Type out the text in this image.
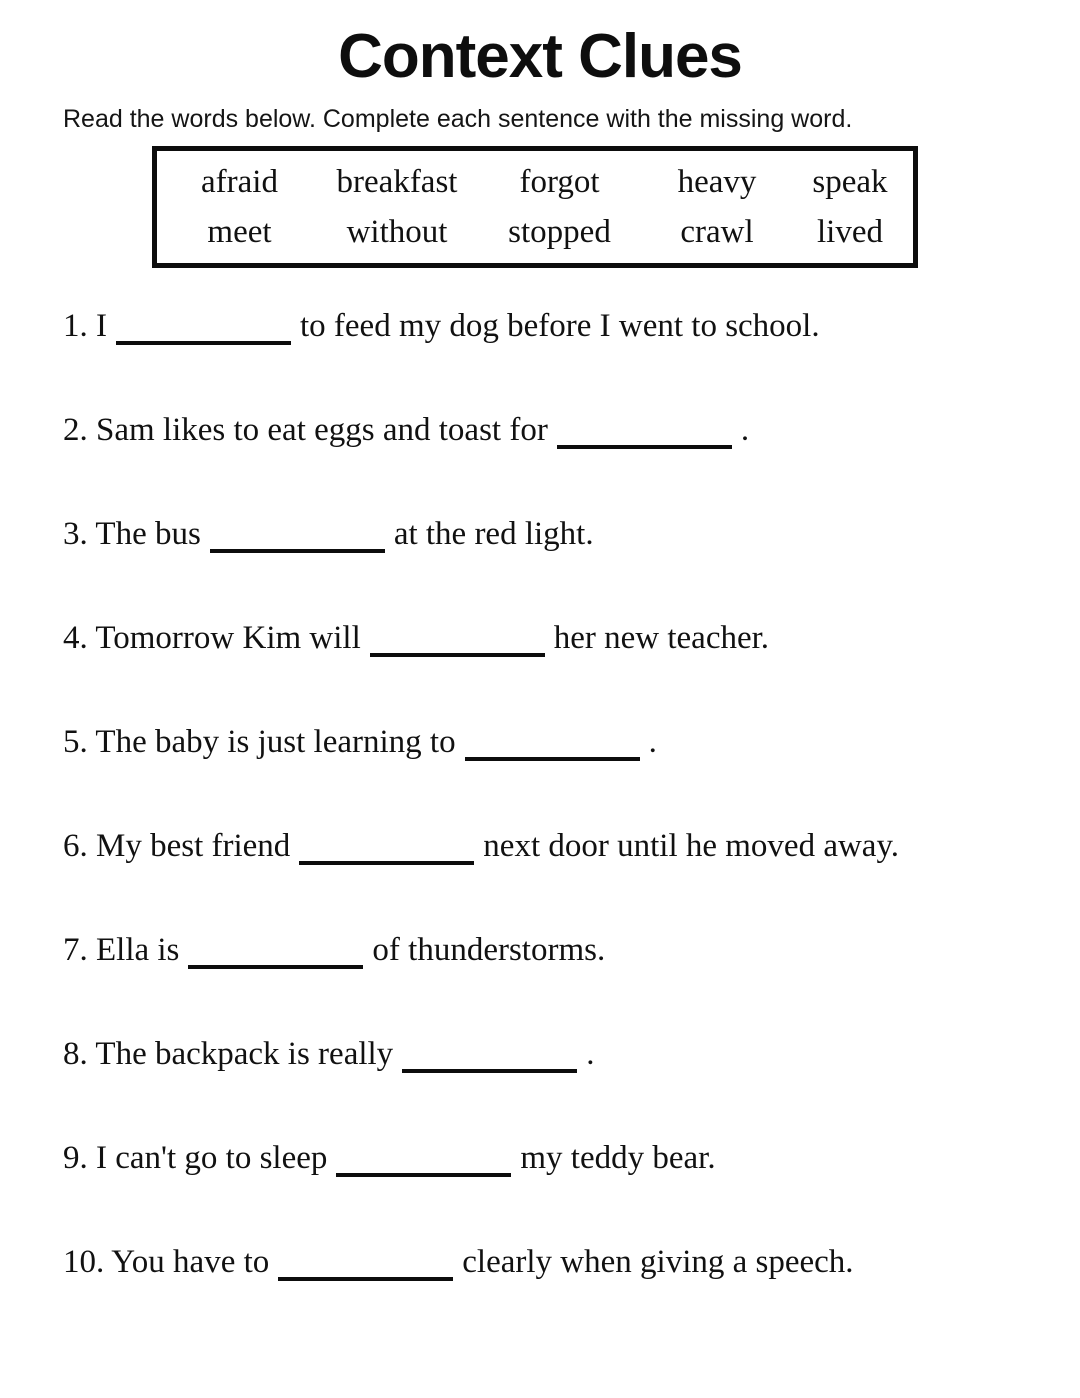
Context Clues

Read the words below. Complete each sentence with the missing word.

afraid	breakfast	forgot	heavy	speak
meet	without	stopped	crawl	lived
1. I	to feed my dog before I went to school.
2. Sam likes to eat eggs and toast for	.
3. The bus	at the red light.
4. Tomorrow Kim will	her new teacher.
5. The baby is just learning to	.
6. My best friend	next door until he moved away.
7. Ella is	of thunderstorms.
8. The backpack is really	.
9. I can't go to sleep	my teddy bear.
10. You have to	clearly when giving a speech.
